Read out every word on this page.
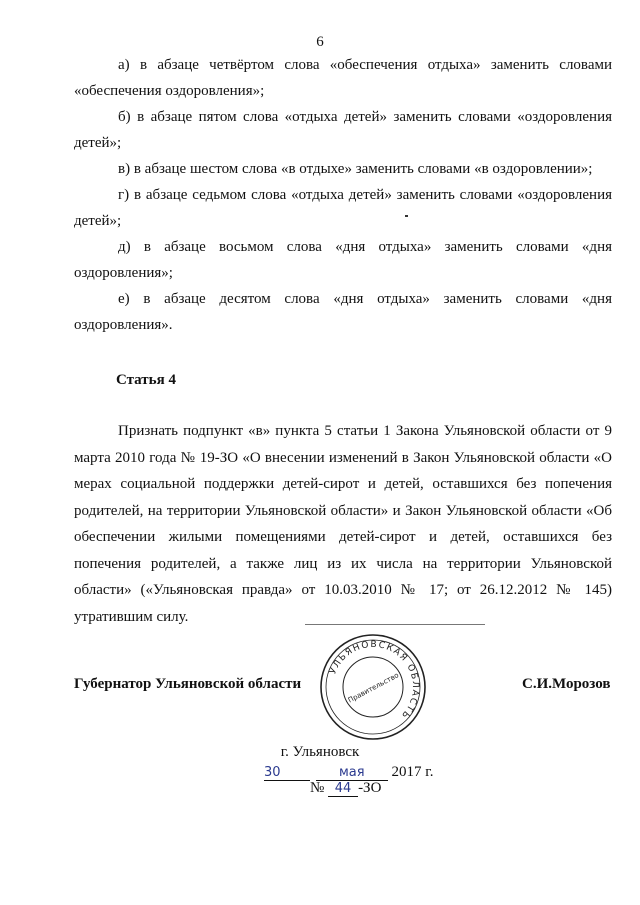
6

а) в абзаце четвёртом слова «обеспечения отдыха» заменить словами «обеспечения оздоровления»;

б) в абзаце пятом слова «отдыха детей» заменить словами «оздоровления детей»;

в) в абзаце шестом слова «в отдыхе» заменить словами «в оздоровлении»;

г) в абзаце седьмом слова «отдыха детей» заменить словами «оздоровления детей»;

д) в абзаце восьмом слова «дня отдыха» заменить словами «дня оздоровления»;

е) в абзаце десятом слова «дня отдыха» заменить словами «дня оздоровления».

Статья 4

Признать подпункт «в» пункта 5 статьи 1 Закона Ульяновской области от 9 марта 2010 года № 19-ЗО «О внесении изменений в Закон Ульяновской области «О мерах социальной поддержки детей-сирот и детей, оставшихся без попечения родителей, на территории Ульяновской области» и Закон Ульяновской области «Об обеспечении жилыми помещениями детей-сирот и детей, оставшихся без попечения родителей, а также лиц из их числа на территории Ульяновской области» («Ульяновская правда» от 10.03.2010 № 17; от 26.12.2012 № 145) утратившим силу.

Губернатор Ульяновской области
УЛЬЯНОВСКАЯ ОБЛАСТЬ
Правительство	С.И.Морозов
г. Ульяновск
30	мая 2017 г.
№ 44 -ЗО
